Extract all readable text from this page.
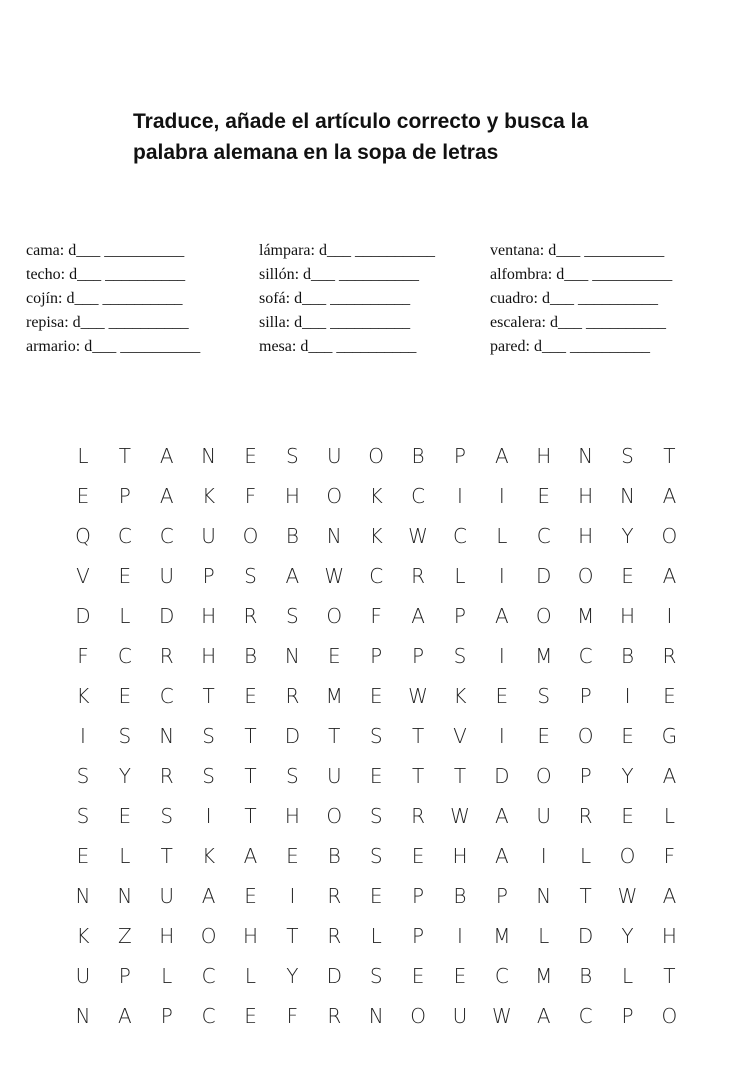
Traduce, añade el artículo correcto y busca la
palabra alemana en la sopa de letras
cama: d___ __________
techo: d___ __________
cojín: d___ __________
repisa: d___ __________
armario: d___ __________
lámpara: d___ __________
sillón: d___ __________
sofá: d___ __________
silla: d___ __________
mesa: d___ __________
ventana: d___ __________
alfombra: d___ __________
cuadro: d___ __________
escalera: d___ __________
pared: d___ __________
L	T	A	N	E	S	U	O	B	P	A	H	N	S	T
E	P	A	K	F	H	O	K	C	I	I	E	H	N	A
Q	C	C	U	O	B	N	K	W	C	L	C	H	Y	O
V	E	U	P	S	A	W	C	R	L	I	D	O	E	A
D	L	D	H	R	S	O	F	A	P	A	O	M	H	I
F	C	R	H	B	N	E	P	P	S	I	M	C	B	R
K	E	C	T	E	R	M	E	W	K	E	S	P	I	E
I	S	N	S	T	D	T	S	T	V	I	E	O	E	G
S	Y	R	S	T	S	U	E	T	T	D	O	P	Y	A
S	E	S	I	T	H	O	S	R	W	A	U	R	E	L
E	L	T	K	A	E	B	S	E	H	A	I	L	O	F
N	N	U	A	E	I	R	E	P	B	P	N	T	W	A
K	Z	H	O	H	T	R	L	P	I	M	L	D	Y	H
U	P	L	C	L	Y	D	S	E	E	C	M	B	L	T
N	A	P	C	E	F	R	N	O	U	W	A	C	P	O
